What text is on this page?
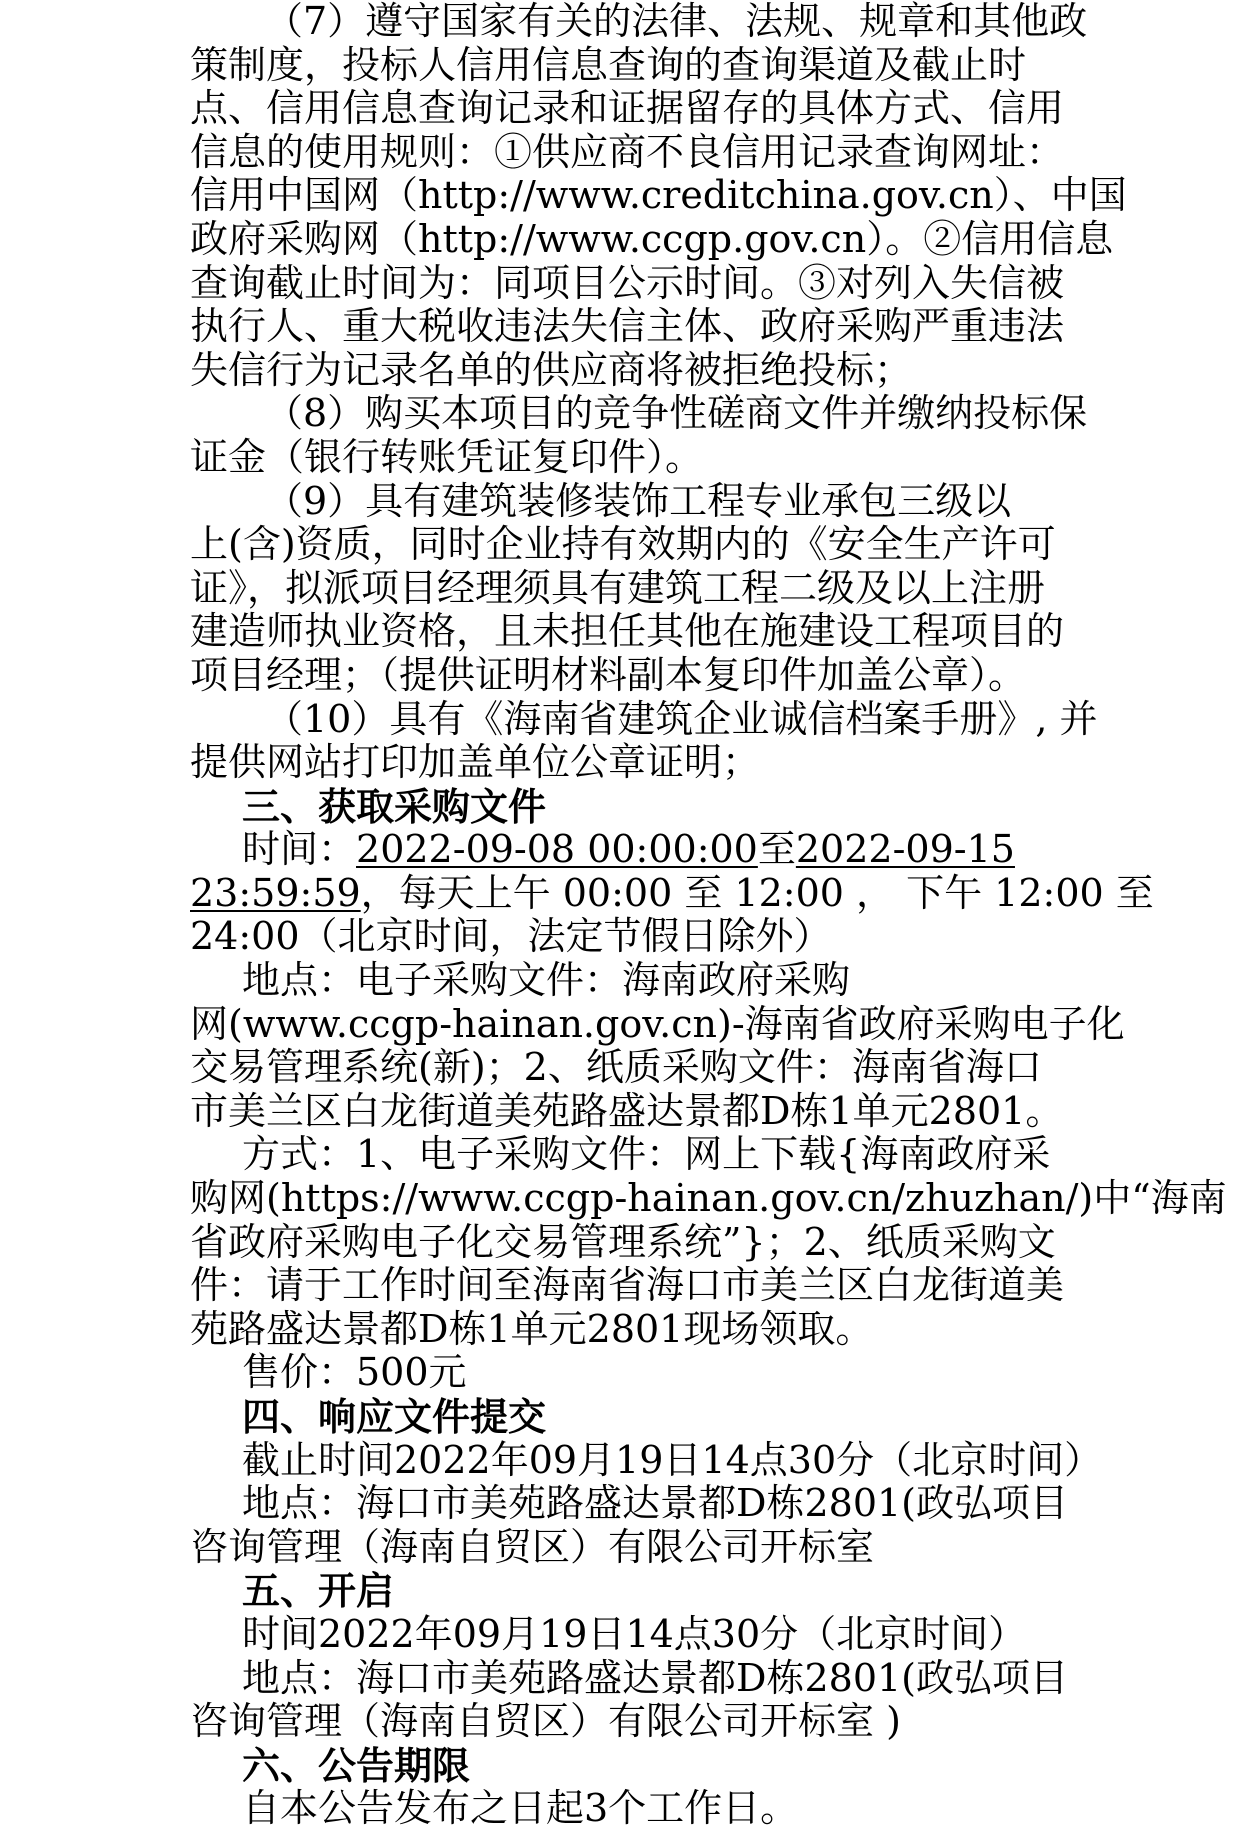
（7）遵守国家有关的法律、法规、规章和其他政
策制度，投标人信用信息查询的查询渠道及截止时
点、信用信息查询记录和证据留存的具体方式、信用
信息的使用规则：①供应商不良信用记录查询网址：
信用中国网（http://www.creditchina.gov.cn）、中国
政府采购网（http://www.ccgp.gov.cn）。②信用信息
查询截止时间为：同项目公示时间。③对列入失信被
执行人、重大税收违法失信主体、政府采购严重违法
失信行为记录名单的供应商将被拒绝投标；
（8）购买本项目的竞争性磋商文件并缴纳投标保
证金（银行转账凭证复印件）。
（9）具有建筑装修装饰工程专业承包三级以
上(含)资质，同时企业持有效期内的《安全生产许可
证》，拟派项目经理须具有建筑工程二级及以上注册
建造师执业资格，且未担任其他在施建设工程项目的
项目经理；（提供证明材料副本复印件加盖公章）。
（10）具有《海南省建筑企业诚信档案手册》, 并
提供网站打印加盖单位公章证明；
三、获取采购文件
时间：2022-09-08 00:00:00至2022-09-15
23:59:59，每天上午 00:00 至 12:00 ， 下午 12:00 至
24:00（北京时间，法定节假日除外）
地点：电子采购文件：海南政府采购
网(www.ccgp-hainan.gov.cn)-海南省政府采购电子化
交易管理系统(新)；2、纸质采购文件：海南省海口
市美兰区白龙街道美苑路盛达景都D栋1单元2801。
方式：1、电子采购文件：网上下载{海南政府采
购网(https://www.ccgp-hainan.gov.cn/zhuzhan/)中“海南
省政府采购电子化交易管理系统”}；2、纸质采购文
件：请于工作时间至海南省海口市美兰区白龙街道美
苑路盛达景都D栋1单元2801现场领取。
售价：500元
四、响应文件提交
截止时间2022年09月19日14点30分（北京时间）
地点：海口市美苑路盛达景都D栋2801(政弘项目
咨询管理（海南自贸区）有限公司开标室
五、开启
时间2022年09月19日14点30分（北京时间）
地点：海口市美苑路盛达景都D栋2801(政弘项目
咨询管理（海南自贸区）有限公司开标室 )
六、公告期限
自本公告发布之日起3个工作日。
